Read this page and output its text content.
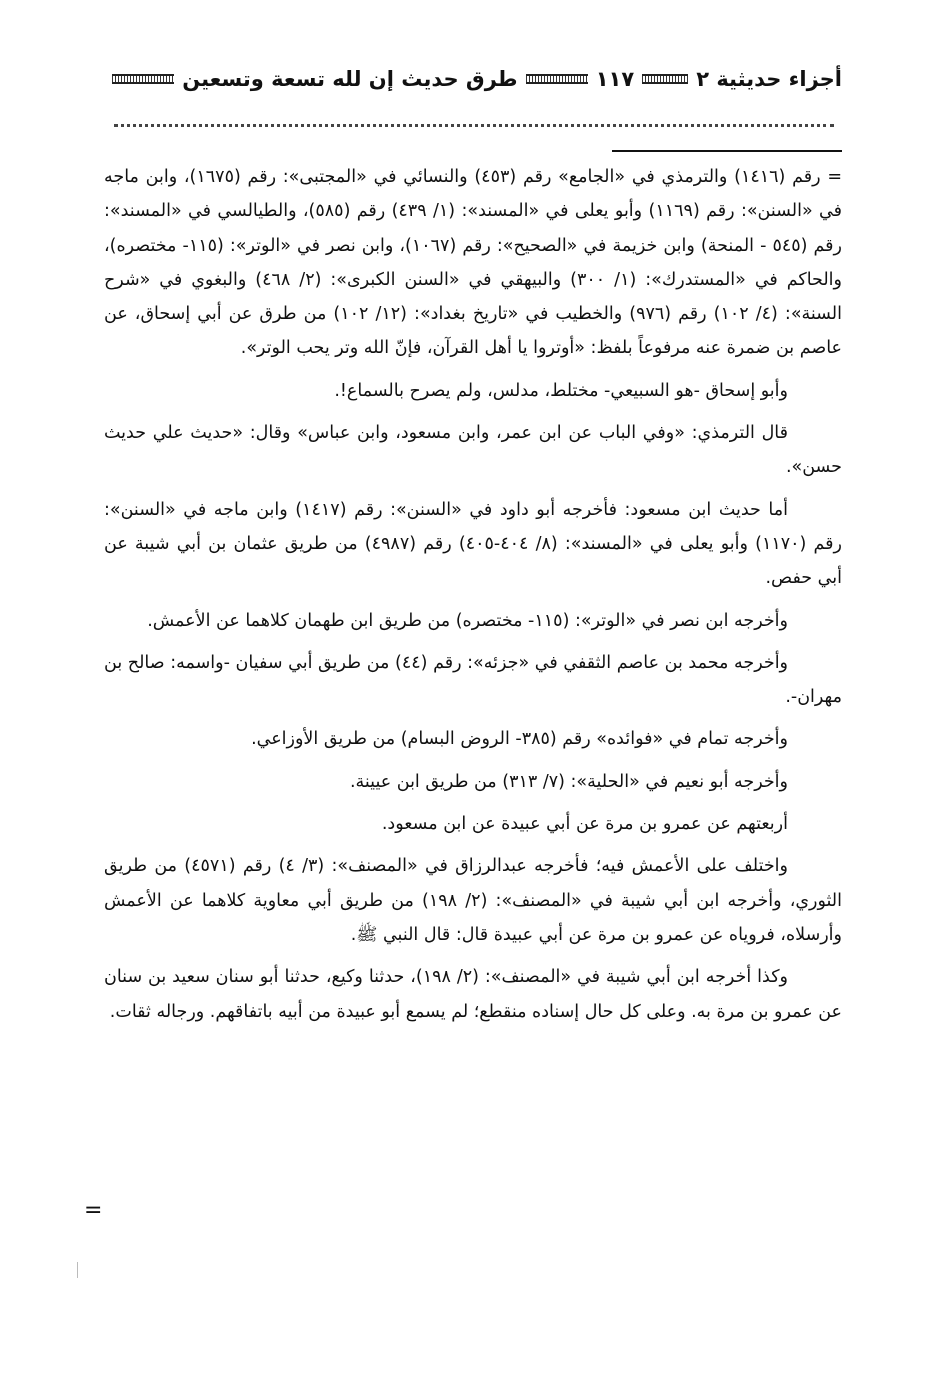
أجزاء حديثية ٢
١١٧
طرق حديث إن لله تسعة وتسعين

= رقم (١٤١٦) والترمذي في «الجامع» رقم (٤٥٣) والنسائي في «المجتبى»: رقم (١٦٧٥)، وابن ماجه في «السنن»: رقم (١١٦٩) وأبو يعلى في «المسند»: (١/ ٤٣٩) رقم (٥٨٥)، والطيالسي في «المسند»: رقم (٥٤٥ - المنحة) وابن خزيمة في «الصحيح»: رقم (١٠٦٧)، وابن نصر في «الوتر»: (١١٥- مختصره)، والحاكم في «المستدرك»: (١/ ٣٠٠) والبيهقي في «السنن الكبرى»: (٢/ ٤٦٨) والبغوي في «شرح السنة»: (٤/ ١٠٢) رقم (٩٧٦) والخطيب في «تاريخ بغداد»: (١٢/ ١٠٢) من طرق عن أبي إسحاق، عن عاصم بن ضمرة عنه مرفوعاً بلفظ: «أوتروا يا أهل القرآن، فإنّ الله وتر يحب الوتر».

وأبو إسحاق -هو السبيعي- مختلط، مدلس، ولم يصرح بالسماع!.

قال الترمذي: «وفي الباب عن ابن عمر، وابن مسعود، وابن عباس» وقال: «حديث علي حديث حسن».

أما حديث ابن مسعود: فأخرجه أبو داود في «السنن»: رقم (١٤١٧) وابن ماجه في «السنن»: رقم (١١٧٠) وأبو يعلى في «المسند»: (٨/ ٤٠٤-٤٠٥) رقم (٤٩٨٧) من طريق عثمان بن أبي شيبة عن أبي حفص.

وأخرجه ابن نصر في «الوتر»: (١١٥- مختصره) من طريق ابن طهمان كلاهما عن الأعمش.

وأخرجه محمد بن عاصم الثقفي في «جزئه»: رقم (٤٤) من طريق أبي سفيان -واسمه: صالح بن مهران-.

وأخرجه تمام في «فوائده» رقم (٣٨٥- الروض البسام) من طريق الأوزاعي.

وأخرجه أبو نعيم في «الحلية»: (٧/ ٣١٣) من طريق ابن عيينة.

أربعتهم عن عمرو بن مرة عن أبي عبيدة عن ابن مسعود.

واختلف على الأعمش فيه؛ فأخرجه عبدالرزاق في «المصنف»: (٣/ ٤) رقم (٤٥٧١) من طريق الثوري، وأخرجه ابن أبي شيبة في «المصنف»: (٢/ ١٩٨) من طريق أبي معاوية كلاهما عن الأعمش وأرسلاه، فروياه عن عمرو بن مرة عن أبي عبيدة قال: قال النبي ﷺ.

وكذا أخرجه ابن أبي شيبة في «المصنف»: (٢/ ١٩٨)، حدثنا وكيع، حدثنا أبو سنان سعيد بن سنان عن عمرو بن مرة به. وعلى كل حال إسناده منقطع؛ لم يسمع أبو عبيدة من أبيه باتفاقهم. ورجاله ثقات.

=
